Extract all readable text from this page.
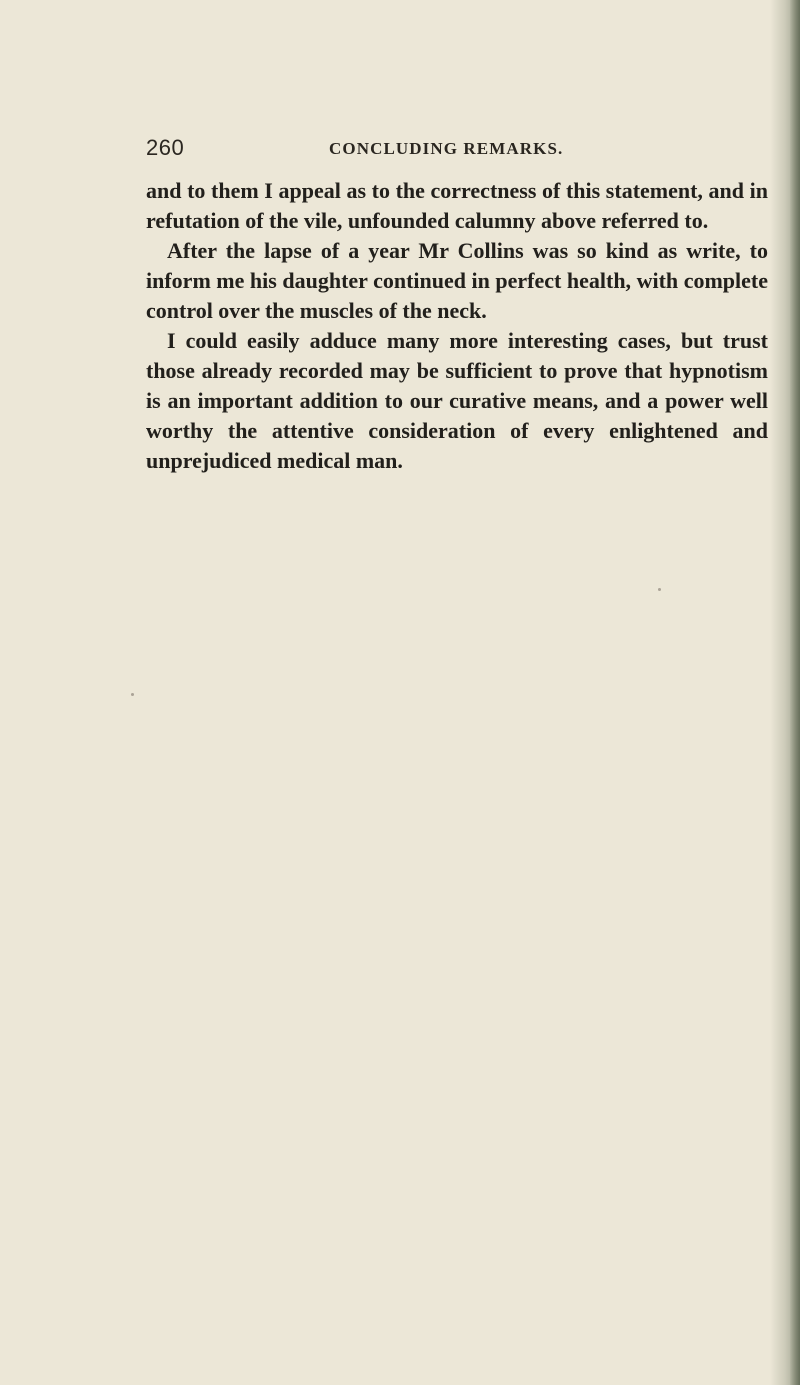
260	CONCLUDING REMARKS.

and to them I appeal as to the correctness of this statement, and in refutation of the vile, unfounded calumny above referred to.

After the lapse of a year Mr Collins was so kind as write, to inform me his daughter continued in perfect health, with complete control over the muscles of the neck.

I could easily adduce many more interesting cases, but trust those already recorded may be sufficient to prove that hypnotism is an important addition to our curative means, and a power well worthy the attentive consideration of every enlightened and unprejudiced medical man.
